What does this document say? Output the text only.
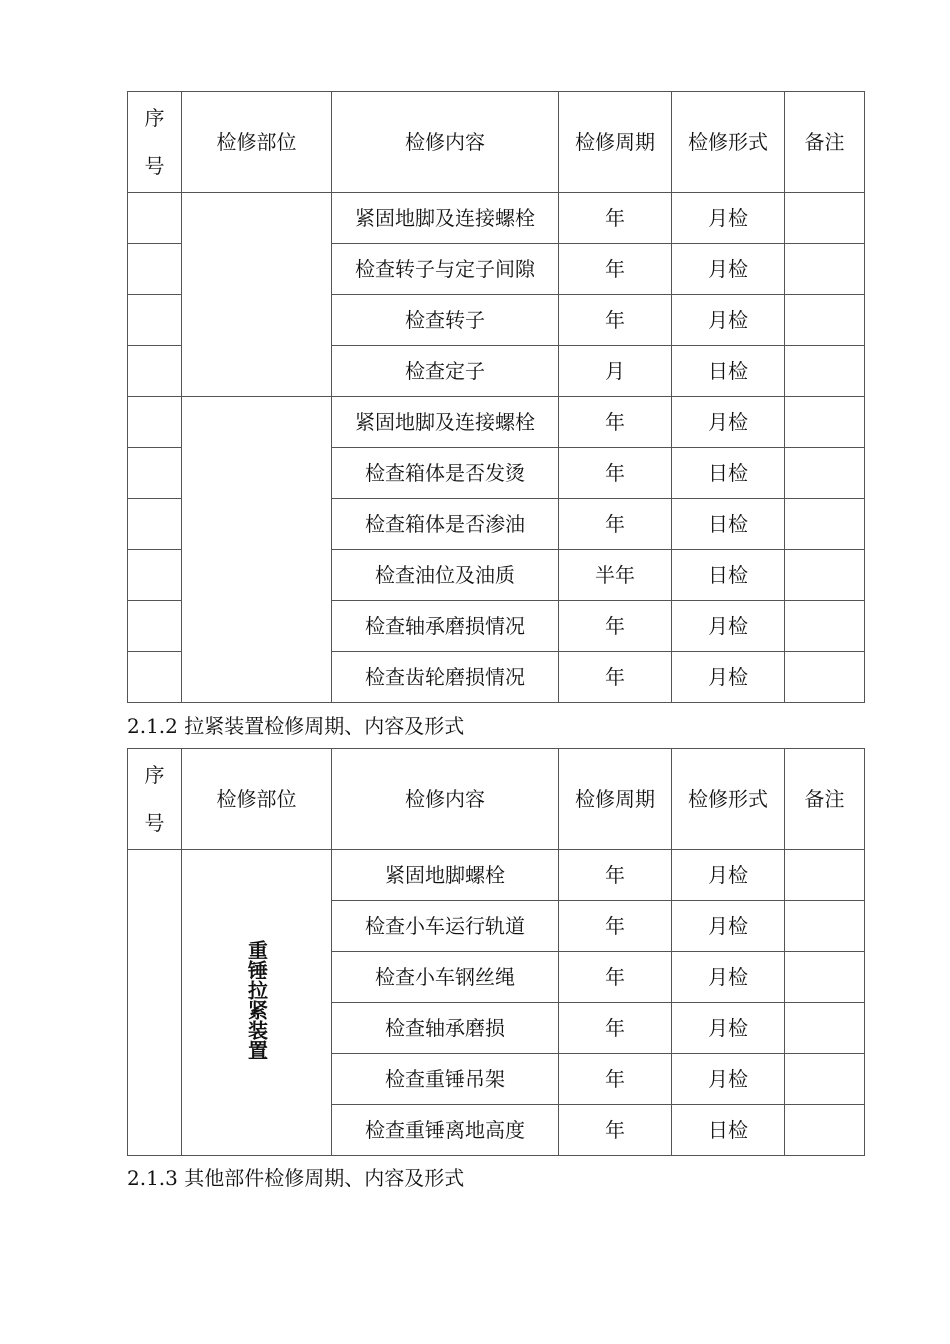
序号	检修部位	检修内容	检修周期	检修形式	备注
		紧固地脚及连接螺栓	年	月检	
		检查转子与定子间隙	年	月检	
		检查转子	年	月检	
		检查定子	月	日检	
		紧固地脚及连接螺栓	年	月检	
		检查箱体是否发烫	年	日检	
		检查箱体是否渗油	年	日检	
		检查油位及油质	半年	日检	
		检查轴承磨损情况	年	月检	
		检查齿轮磨损情况	年	月检	
2.1.2 拉紧装置检修周期、内容及形式
序号	检修部位	检修内容	检修周期	检修形式	备注
	重锤拉紧装置	紧固地脚螺栓	年	月检	
		检查小车运行轨道	年	月检	
		检查小车钢丝绳	年	月检	
		检查轴承磨损	年	月检	
		检查重锤吊架	年	月检	
		检查重锤离地高度	年	日检	
2.1.3 其他部件检修周期、内容及形式
